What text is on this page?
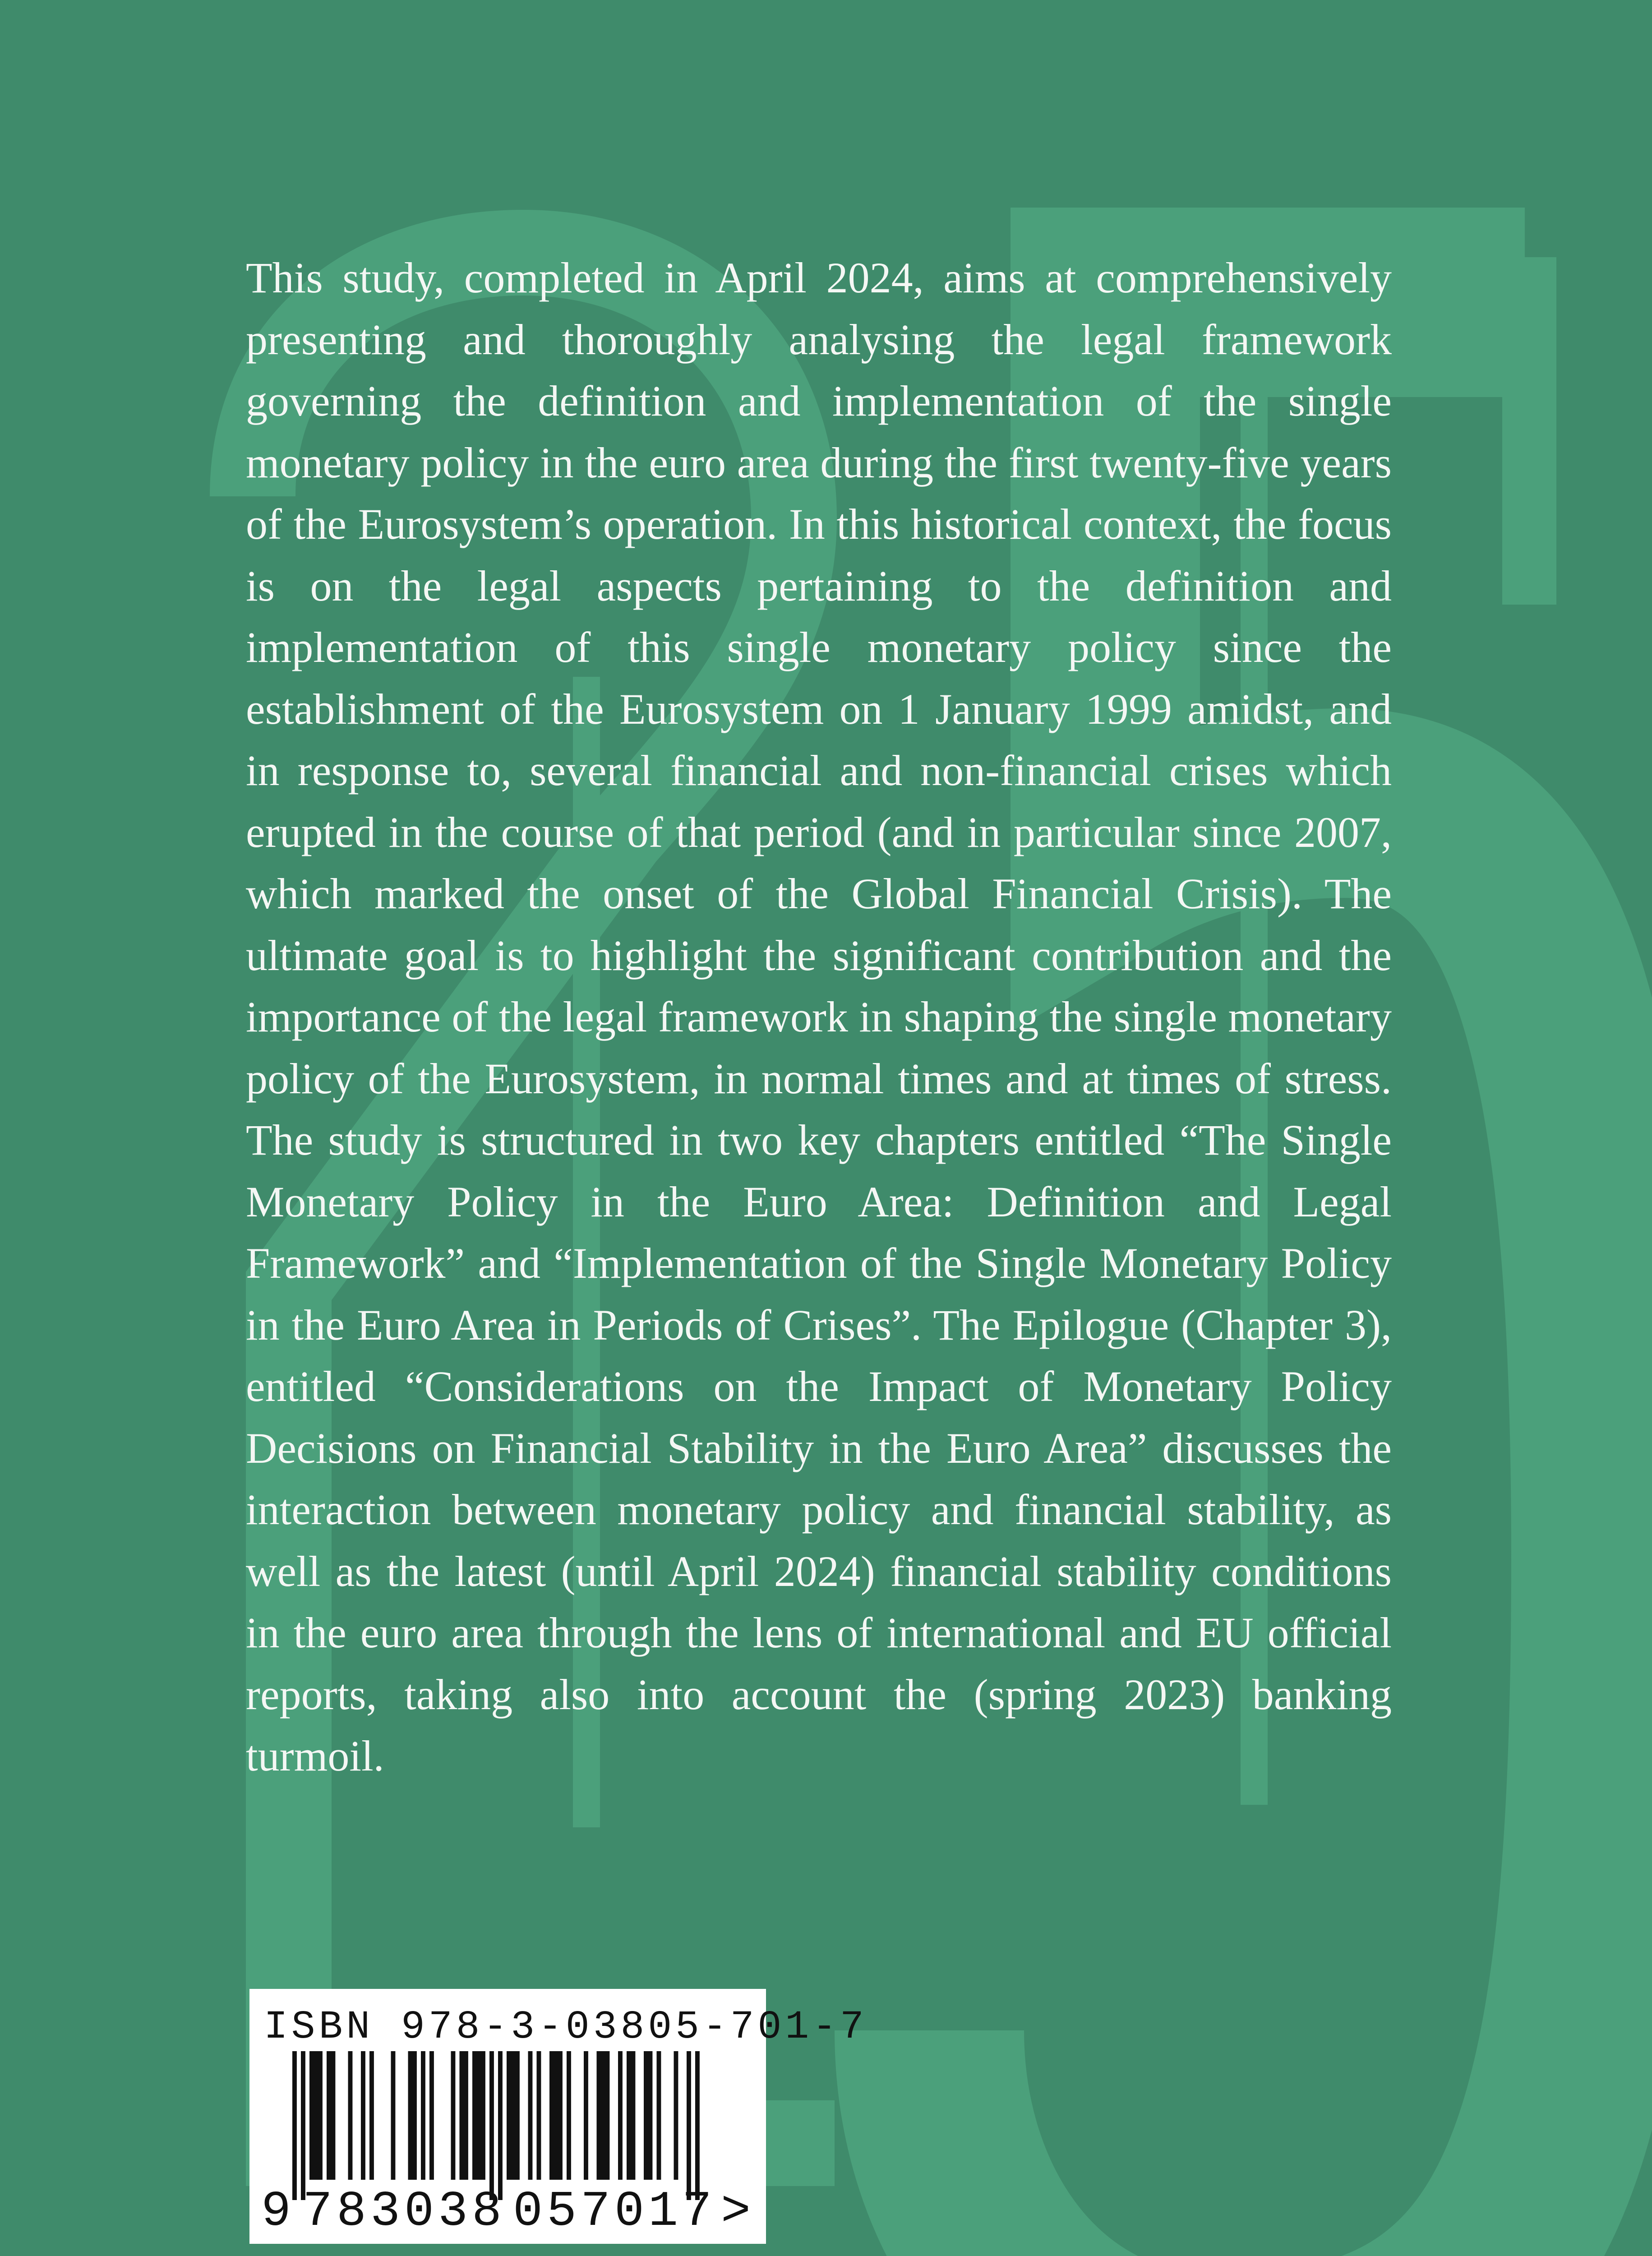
This study, completed in April 2024, aims at comprehensively presenting and thoroughly analysing the legal framework governing the definition and implementation of the single monetary policy in the euro area during the first twenty-five years of the Eurosystem’s operation. In this historical context, the focus is on the legal aspects pertaining to the definition and implementation of this single monetary policy since the establishment of the Eurosystem on 1 January 1999 amidst, and in response to, several financial and non-financial crises which erupted in the course of that period (and in particular since 2007, which marked the onset of the Global Financial Crisis). The ultimate goal is to highlight the significant contribution and the importance of the legal framework in shaping the single monetary policy of the Eurosystem, in normal times and at times of stress. The study is structured in two key chapters entitled “The Single Monetary Policy in the Euro Area: Definition and Legal Framework” and “Implementation of the Single Monetary Policy in the Euro Area in Periods of Crises”. The Epilogue (Chapter 3), entitled “Considerations on the Impact of Monetary Policy Decisions on Financial Stability in the Euro Area” discusses the interaction between monetary policy and financial stability, as well as the latest (until April 2024) financial stability conditions in the euro area through the lens of international and EU official reports, taking also into account the (spring 2023) banking turmoil.

ISBN 978-3-03805-701-7
9 783038 057017 >
